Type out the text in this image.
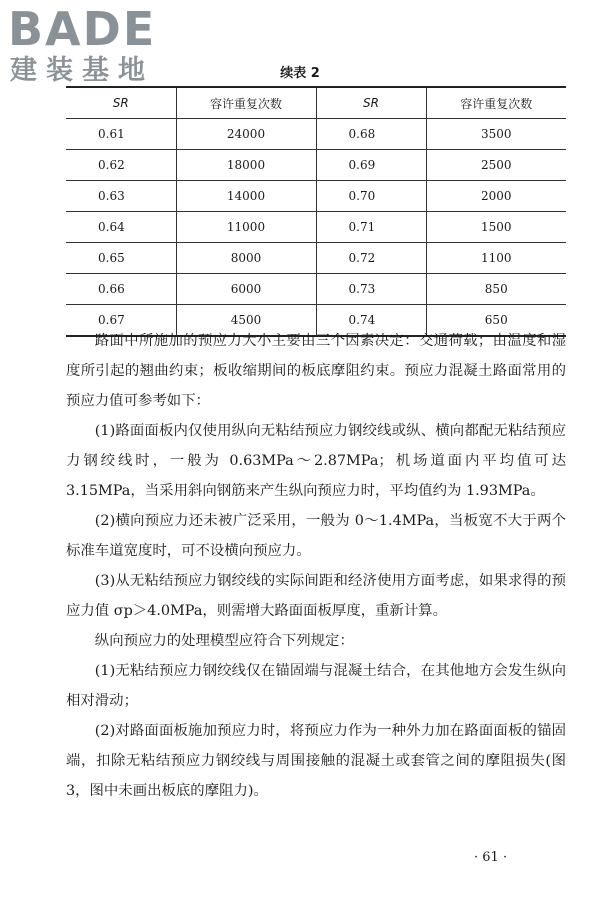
BADE
建装基地	续表 2
SR	容许重复次数	SR	容许重复次数
0.61	24000	0.68	3500
0.62	18000	0.69	2500
0.63	14000	0.70	2000
0.64	11000	0.71	1500
0.65	8000	0.72	1100
0.66	6000	0.73	850
0.67	4500	0.74	650

路面中所施加的预应力大小主要由三个因素决定：交通荷载；由温度和湿度所引起的翘曲约束；板收缩期间的板底摩阻约束。预应力混凝土路面常用的预应力值可参考如下：

(1)路面面板内仅使用纵向无粘结预应力钢绞线或纵、横向都配无粘结预应力钢绞线时，一般为 0.63MPa～2.87MPa；机场道面内平均值可达 3.15MPa，当采用斜向钢筋来产生纵向预应力时，平均值约为 1.93MPa。

(2)横向预应力还未被广泛采用，一般为 0～1.4MPa，当板宽不大于两个标准车道宽度时，可不设横向预应力。

(3)从无粘结预应力钢绞线的实际间距和经济使用方面考虑，如果求得的预应力值 σp＞4.0MPa，则需增大路面面板厚度，重新计算。

纵向预应力的处理模型应符合下列规定：

(1)无粘结预应力钢绞线仅在锚固端与混凝土结合，在其他地方会发生纵向相对滑动；

(2)对路面面板施加预应力时，将预应力作为一种外力加在路面面板的锚固端，扣除无粘结预应力钢绞线与周围接触的混凝土或套管之间的摩阻损失(图 3，图中未画出板底的摩阻力)。

· 61 ·
